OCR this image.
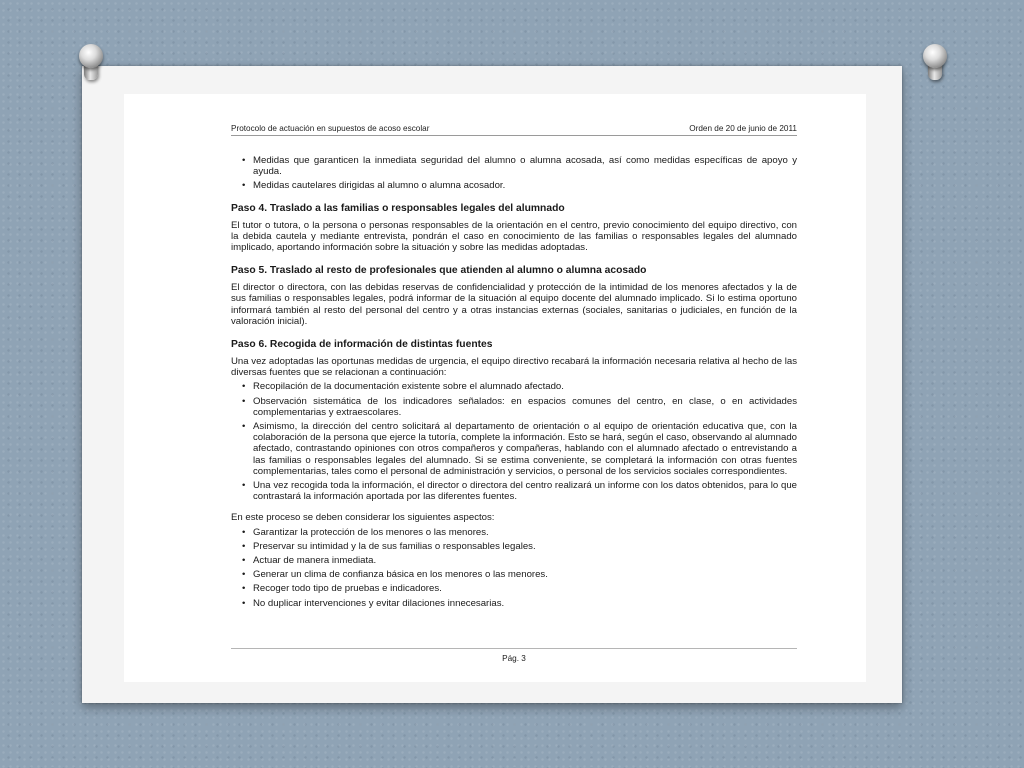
Protocolo de actuación en supuestos de acoso escolar	Orden de 20 de junio de 2011
• Medidas que garanticen la inmediata seguridad del alumno o alumna acosada, así como medidas específicas de apoyo y ayuda.
• Medidas cautelares dirigidas al alumno o alumna acosador.
Paso 4. Traslado a las familias o responsables legales del alumnado

El tutor o tutora, o la persona o personas responsables de la orientación en el centro, previo conocimiento del equipo directivo, con la debida cautela y mediante entrevista, pondrán el caso en conocimiento de las familias o responsables legales del alumnado implicado, aportando información sobre la situación y sobre las medidas adoptadas.

Paso 5. Traslado al resto de profesionales que atienden al alumno o alumna acosado

El director o directora, con las debidas reservas de confidencialidad y protección de la intimidad de los menores afectados y la de sus familias o responsables legales, podrá informar de la situación al equipo docente del alumnado implicado. Si lo estima oportuno informará también al resto del personal del centro y a otras instancias externas (sociales, sanitarias o judiciales, en función de la valoración inicial).

Paso 6. Recogida de información de distintas fuentes

Una vez adoptadas las oportunas medidas de urgencia, el equipo directivo recabará la información necesaria relativa al hecho de las diversas fuentes que se relacionan a continuación:

• Recopilación de la documentación existente sobre el alumnado afectado.
• Observación sistemática de los indicadores señalados: en espacios comunes del centro, en clase, o en actividades complementarias y extraescolares.
• Asimismo, la dirección del centro solicitará al departamento de orientación o al equipo de orientación educativa que, con la colaboración de la persona que ejerce la tutoría, complete la información. Esto se hará, según el caso, observando al alumnado afectado, contrastando opiniones con otros compañeros y compañeras, hablando con el alumnado afectado o entrevistando a las familias o responsables legales del alumnado. Si se estima conveniente, se completará la información con otras fuentes complementarias, tales como el personal de administración y servicios, o personal de los servicios sociales correspondientes.
• Una vez recogida toda la información, el director o directora del centro realizará un informe con los datos obtenidos, para lo que contrastará la información aportada por las diferentes fuentes.

En este proceso se deben considerar los siguientes aspectos:

• Garantizar la protección de los menores o las menores.
• Preservar su intimidad y la de sus familias o responsables legales.
• Actuar de manera inmediata.
• Generar un clima de confianza básica en los menores o las menores.
• Recoger todo tipo de pruebas e indicadores.
• No duplicar intervenciones y evitar dilaciones innecesarias.
Pág. 3
